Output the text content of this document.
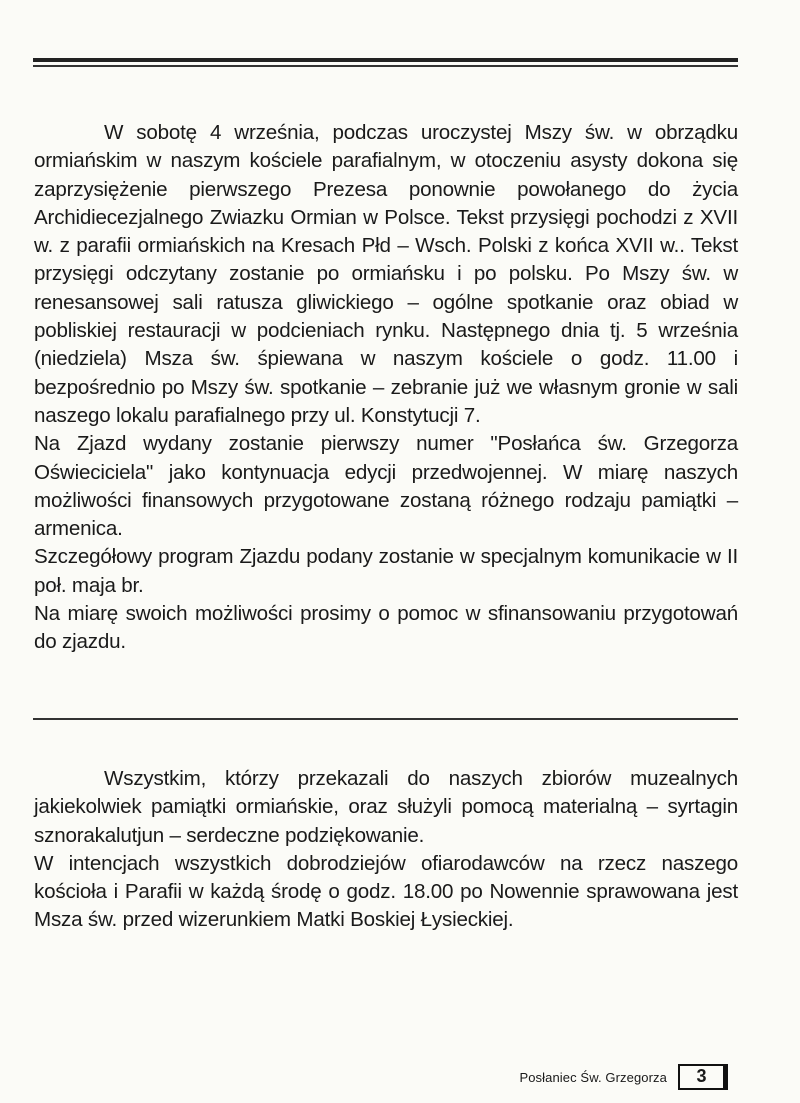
W sobotę 4 września, podczas uroczystej Mszy św. w obrządku ormiańskim w naszym kościele parafialnym, w otoczeniu asysty dokona się zaprzysiężenie pierwszego Prezesa ponownie powołanego do życia Archidiecezjalnego Zwiazku Ormian w Polsce. Tekst przysięgi pochodzi z XVII w. z parafii ormiańskich na Kresach Płd – Wsch. Polski z końca XVII w.. Tekst przysięgi odczytany zostanie po ormiańsku i po polsku. Po Mszy św. w renesansowej sali ratusza gliwickiego – ogólne spotkanie oraz obiad w pobliskiej restauracji w podcieniach rynku. Następnego dnia tj. 5 września (niedziela) Msza św. śpiewana w naszym kościele o godz. 11.00 i bezpośrednio po Mszy św. spotkanie – zebranie już we własnym gronie w sali naszego lokalu parafialnego przy ul. Konstytucji 7.

Na Zjazd wydany zostanie pierwszy numer "Posłańca św. Grzegorza Oświeciciela" jako kontynuacja edycji przedwojennej. W miarę naszych możliwości finansowych przygotowane zostaną różnego rodzaju pamiątki – armenica.

Szczegółowy program Zjazdu podany zostanie w specjalnym komunikacie w II poł. maja br.

Na miarę swoich możliwości prosimy o pomoc w sfinansowaniu przygotowań do zjazdu.

Wszystkim, którzy przekazali do naszych zbiorów muzealnych jakiekolwiek pamiątki ormiańskie, oraz służyli pomocą materialną – syrtagin sznorakalutjun – serdeczne podziękowanie.

W intencjach wszystkich dobrodziejów ofiarodawców na rzecz naszego kościoła i Parafii w każdą środę o godz. 18.00 po Nowennie sprawowana jest Msza św. przed wizerunkiem Matki Boskiej Łysieckiej.

Posłaniec Św. Grzegorza	3
